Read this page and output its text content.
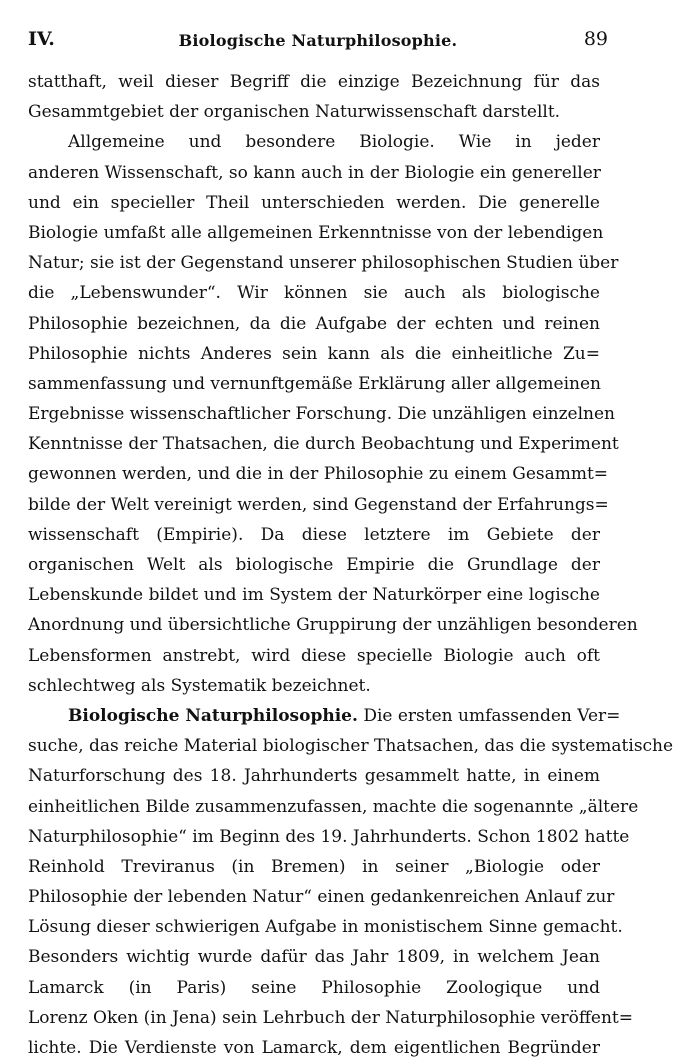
IV.	Biologische Naturphilosophie.	89
statthaft, weil dieser Begriff die einzige Bezeichnung für das
Gesammtgebiet der organischen Naturwissenschaft darstellt.
Allgemeine und besondere Biologie. Wie in jeder
anderen Wissenschaft, so kann auch in der Biologie ein genereller
und ein specieller Theil unterschieden werden. Die generelle
Biologie umfaßt alle allgemeinen Erkenntnisse von der lebendigen
Natur; sie ist der Gegenstand unserer philosophischen Studien über
die „Lebenswunder“. Wir können sie auch als biologische
Philosophie bezeichnen, da die Aufgabe der echten und reinen
Philosophie nichts Anderes sein kann als die einheitliche Zu=
sammenfassung und vernunftgemäße Erklärung aller allgemeinen
Ergebnisse wissenschaftlicher Forschung. Die unzähligen einzelnen
Kenntnisse der Thatsachen, die durch Beobachtung und Experiment
gewonnen werden, und die in der Philosophie zu einem Gesammt=
bilde der Welt vereinigt werden, sind Gegenstand der Erfahrungs=
wissenschaft (Empirie). Da diese letztere im Gebiete der
organischen Welt als biologische Empirie die Grundlage der
Lebenskunde bildet und im System der Naturkörper eine logische
Anordnung und übersichtliche Gruppirung der unzähligen besonderen
Lebensformen anstrebt, wird diese specielle Biologie auch oft
schlechtweg als Systematik bezeichnet.
Biologische Naturphilosophie. Die ersten umfassenden Ver=
suche, das reiche Material biologischer Thatsachen, das die systematische
Naturforschung des 18. Jahrhunderts gesammelt hatte, in einem
einheitlichen Bilde zusammenzufassen, machte die sogenannte „ältere
Naturphilosophie“ im Beginn des 19. Jahrhunderts. Schon 1802 hatte
Reinhold Treviranus (in Bremen) in seiner „Biologie oder
Philosophie der lebenden Natur“ einen gedankenreichen Anlauf zur
Lösung dieser schwierigen Aufgabe in monistischem Sinne gemacht.
Besonders wichtig wurde dafür das Jahr 1809, in welchem Jean
Lamarck (in Paris) seine Philosophie Zoologique und
Lorenz Oken (in Jena) sein Lehrbuch der Naturphilosophie veröffent=
lichte. Die Verdienste von Lamarck, dem eigentlichen Begründer
